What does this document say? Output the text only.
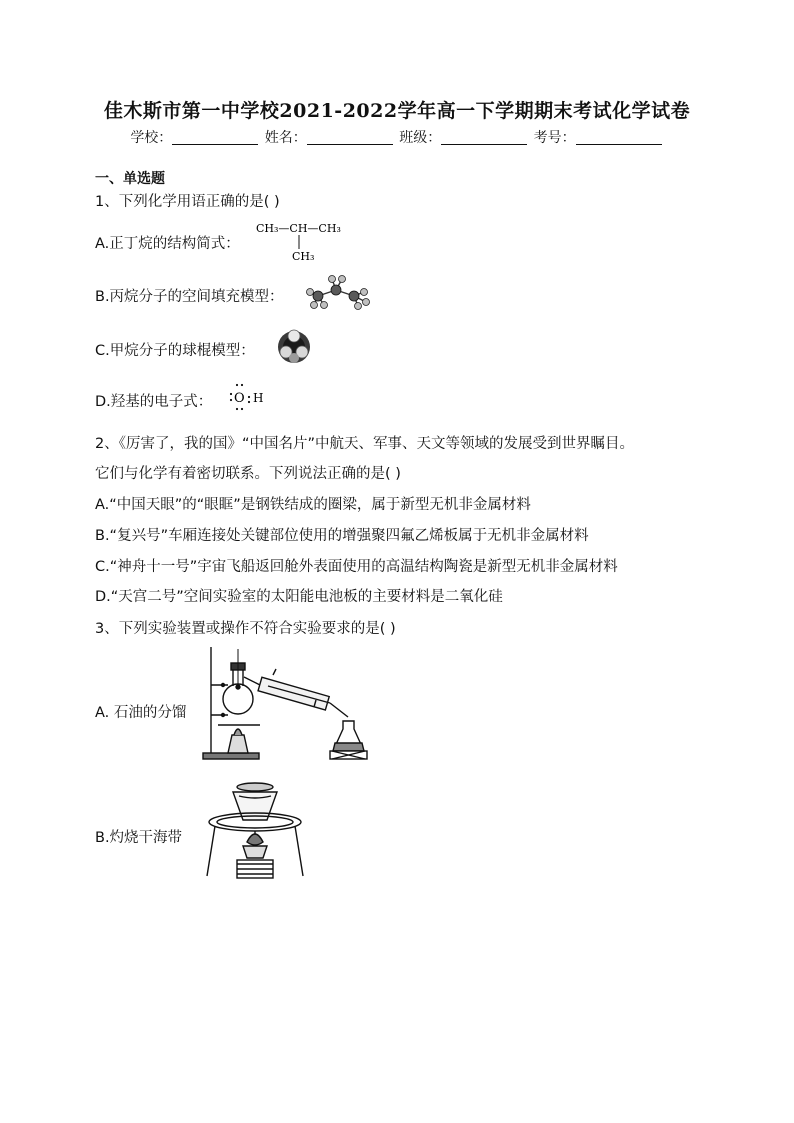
佳木斯市第一中学校2021-2022学年高一下学期期末考试化学试卷
学校：	姓名：	班级：	考号：
一、单选题
1、下列化学用语正确的是( )
A.正丁烷的结构简式：
CH₃—CH—CH₃
CH₃
B.丙烷分子的空间填充模型：
C.甲烷分子的球棍模型：
D.羟基的电子式： O H
2、《厉害了，我的国》“中国名片”中航天、军事、天文等领域的发展受到世界瞩目。
它们与化学有着密切联系。下列说法正确的是( )
A.“中国天眼”的“眼眶”是钢铁结成的圈梁，属于新型无机非金属材料
B.“复兴号”车厢连接处关键部位使用的增强聚四氟乙烯板属于无机非金属材料
C.“神舟十一号”宇宙飞船返回舱外表面使用的高温结构陶瓷是新型无机非金属材料
D.“天宫二号”空间实验室的太阳能电池板的主要材料是二氧化硅
3、下列实验装置或操作不符合实验要求的是( )
A. 石油的分馏
B.灼烧干海带
